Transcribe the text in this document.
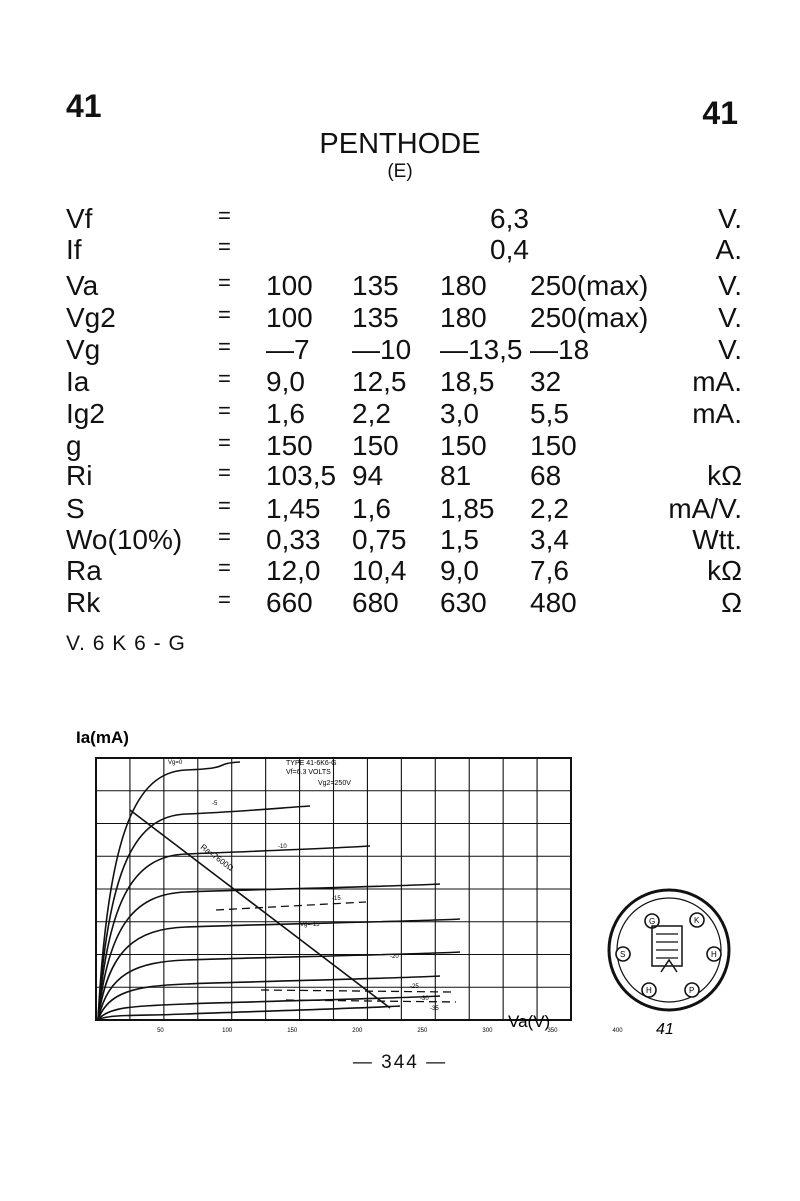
41	41
PENTHODE
(E)
Vf	=	6,3	V.
If	=	0,4	A.
Va	= 100 135 180 250(max) V.
Vg2	= 100 135 180 250(max) V.
Vg	= —7 —10 —13,5 —18	V.
Ia	= 9,0 12,5 18,5 32	mA.
Ig2	= 1,6 2,2 3,0 5,5	mA.
g	= 150 150 150 150
Ri	= 103,5 94 81 68	kΩ
S	= 1,45 1,6 1,85 2,2	mA/V.
Wo(10%) = 0,33 0,75 1,5 3,4	Wtt.
Ra	= 12,0 10,4 9,0 7,6	kΩ
Rk	= 660 680 630 480	Ω
V. 6 K 6 - G
Ia(mA)
Va(V)
TYPE 41-6K6-G
Vf=6.3 VOLTS
Vg2=250V
Vg=0
-5
-10
-15
Vg=-15
-20
-25
-30
-35
Ra=7600Ω
50	100	150	200	250	300	350	400
G	K
S	H
H	P
41
— 344 —
